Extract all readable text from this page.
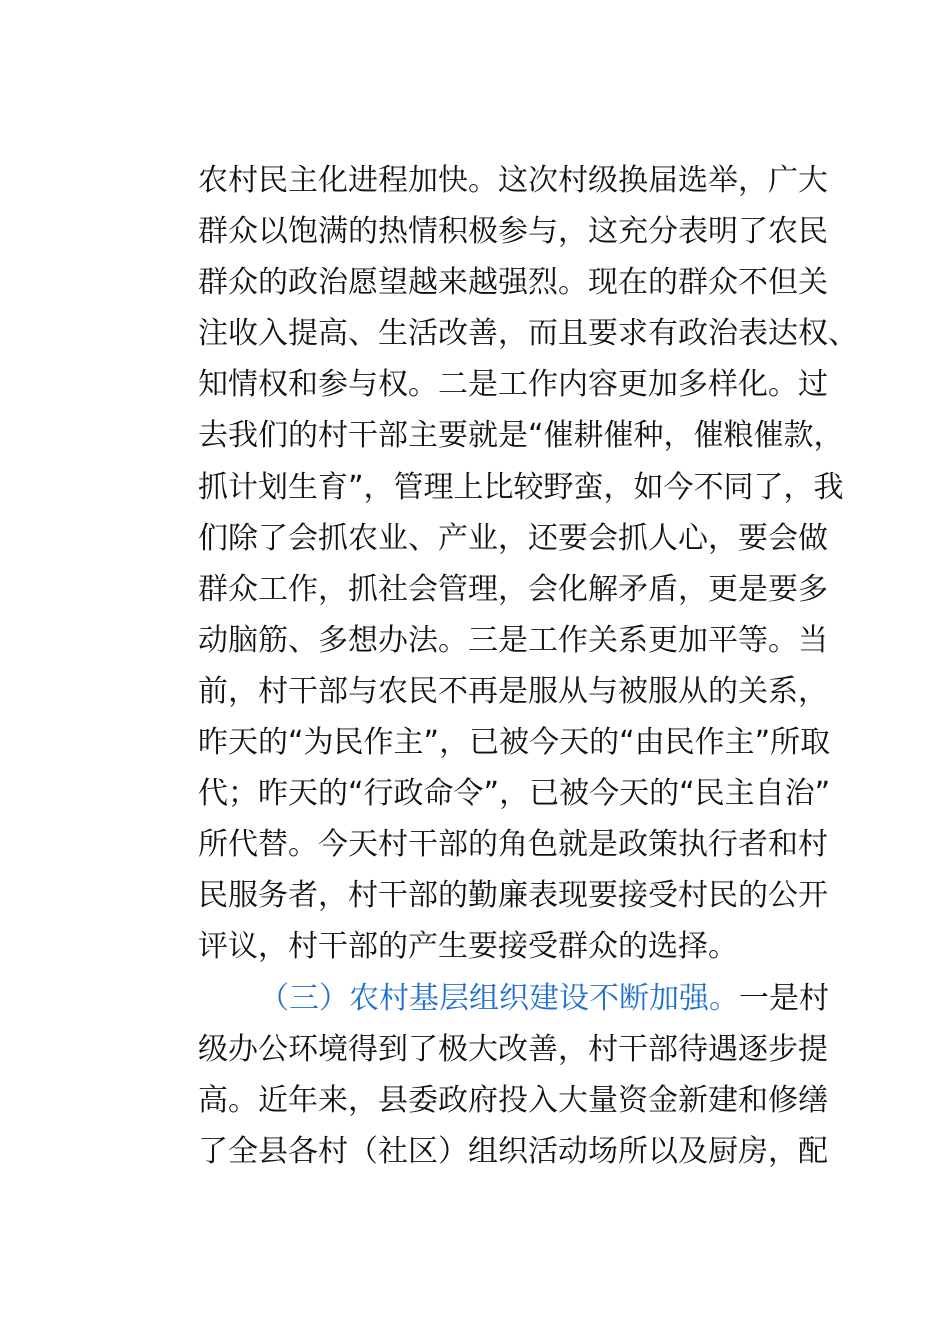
农村民主化进程加快。这次村级换届选举，广大
群众以饱满的热情积极参与，这充分表明了农民
群众的政治愿望越来越强烈。现在的群众不但关
注收入提高、生活改善，而且要求有政治表达权、
知情权和参与权。二是工作内容更加多样化。过
去我们的村干部主要就是“催耕催种，催粮催款，
抓计划生育”，管理上比较野蛮，如今不同了，我
们除了会抓农业、产业，还要会抓人心，要会做
群众工作，抓社会管理，会化解矛盾，更是要多
动脑筋、多想办法。三是工作关系更加平等。当
前，村干部与农民不再是服从与被服从的关系，
昨天的“为民作主”，已被今天的“由民作主”所取
代；昨天的“行政命令”，已被今天的“民主自治”
所代替。今天村干部的角色就是政策执行者和村
民服务者，村干部的勤廉表现要接受村民的公开
评议，村干部的产生要接受群众的选择。
（三）农村基层组织建设不断加强。一是村
级办公环境得到了极大改善，村干部待遇逐步提
高。近年来，县委政府投入大量资金新建和修缮
了全县各村（社区）组织活动场所以及厨房，配
